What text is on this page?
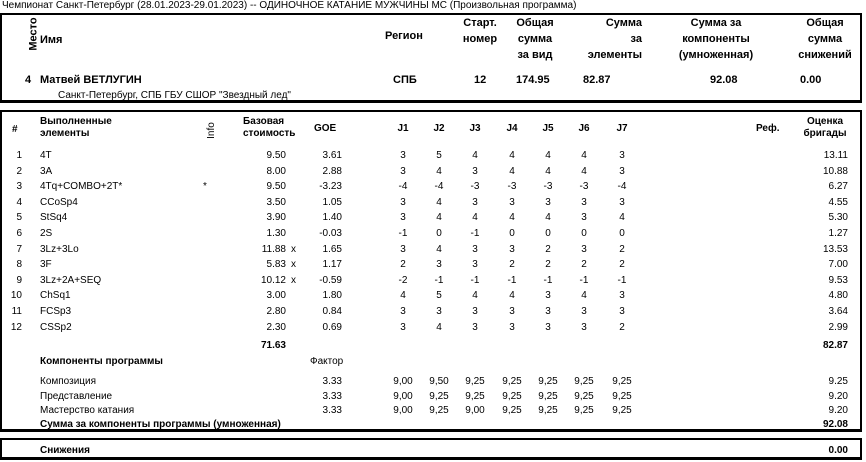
Чемпионат Санкт-Петербург (28.01.2023-29.01.2023) -- ОДИНОЧНОЕ КАТАНИЕ МУЖЧИНЫ МС (Произвольная программа)
Место Имя	Регион
Старт.
номер
Общая
сумма
за вид
Сумма
за
элементы
Сумма за
компоненты
(умноженная)
Общая
сумма
снижений
4 Матвей ВЕТЛУГИН	СПБ	12	174.95	82.87	92.08	0.00
Санкт-Петербург, СПБ ГБУ СШОР "Звездный лед"
#
Выполненные
элементы	Info
Базовая
стоимость GOE	J1	J2	J3	J4	J5	J6	J7	Реф.
Оценка
бригады
1 4T	9.50	3.61	3	5	4	4	4	4	3	13.11
2 3A	8.00	2.88	3	4	3	4	4	4	3	10.88
3 4Tq+COMBO+2T*	*	9.50	-3.23	-4	-4	-3	-3	-3	-3	-4	6.27
4 CCoSp4	3.50	1.05	3	4	3	3	3	3	3	4.55
5 StSq4	3.90	1.40	3	4	4	4	4	3	4	5.30
6 2S	1.30	-0.03	-1	0	-1	0	0	0	0	1.27
7 3Lz+3Lo	11.88 x	1.65	3	4	3	3	2	3	2	13.53
8 3F	5.83 x	1.17	2	3	3	2	2	2	2	7.00
9 3Lz+2A+SEQ	10.12 x	-0.59	-2	-1	-1	-1	-1	-1	-1	9.53
10 ChSq1	3.00	1.80	4	5	4	4	3	4	3	4.80
11 FCSp3	2.80	0.84	3	3	3	3	3	3	3	3.64
12 CSSp2	2.30	0.69	3	4	3	3	3	3	2	2.99
71.63	82.87
Компоненты программы	Фактор
Композиция	3.33	9,00	9,50	9,25	9,25	9,25	9,25	9,25	9.25
Представление	3.33	9,00	9,25	9,25	9,25	9,25	9,25	9,25	9.20
Мастерство катания	3.33	9,00	9,25	9,00	9,25	9,25	9,25	9,25	9.20
Сумма за компоненты программы (умноженная)	92.08
Снижения	0.00
